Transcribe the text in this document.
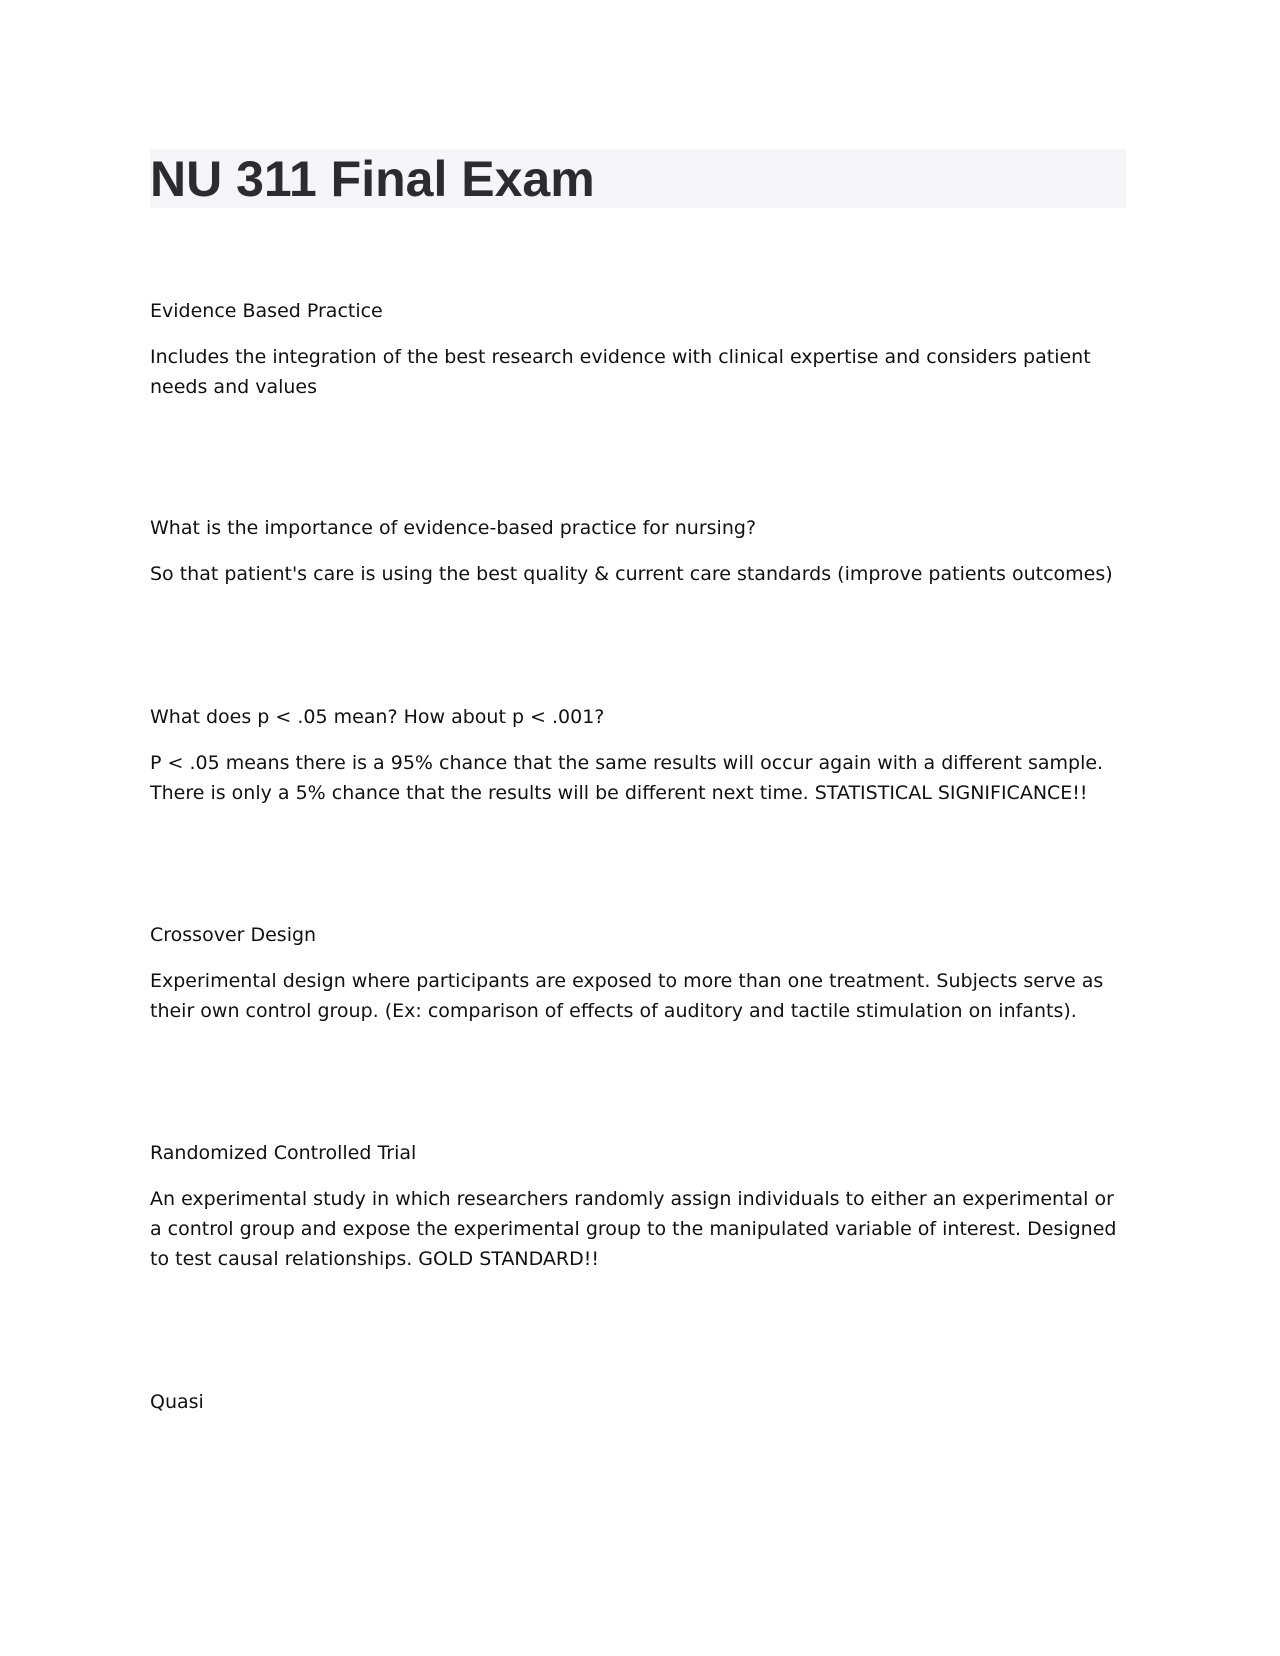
NU 311 Final Exam

Evidence Based Practice

Includes the integration of the best research evidence with clinical expertise and considers patient needs and values

What is the importance of evidence-based practice for nursing?

So that patient's care is using the best quality & current care standards (improve patients outcomes)

What does p < .05 mean? How about p < .001?

P < .05 means there is a 95% chance that the same results will occur again with a different sample. There is only a 5% chance that the results will be different next time. STATISTICAL SIGNIFICANCE!!

Crossover Design

Experimental design where participants are exposed to more than one treatment. Subjects serve as their own control group. (Ex: comparison of effects of auditory and tactile stimulation on infants).

Randomized Controlled Trial

An experimental study in which researchers randomly assign individuals to either an experimental or a control group and expose the experimental group to the manipulated variable of interest. Designed to test causal relationships. GOLD STANDARD!!

Quasi
